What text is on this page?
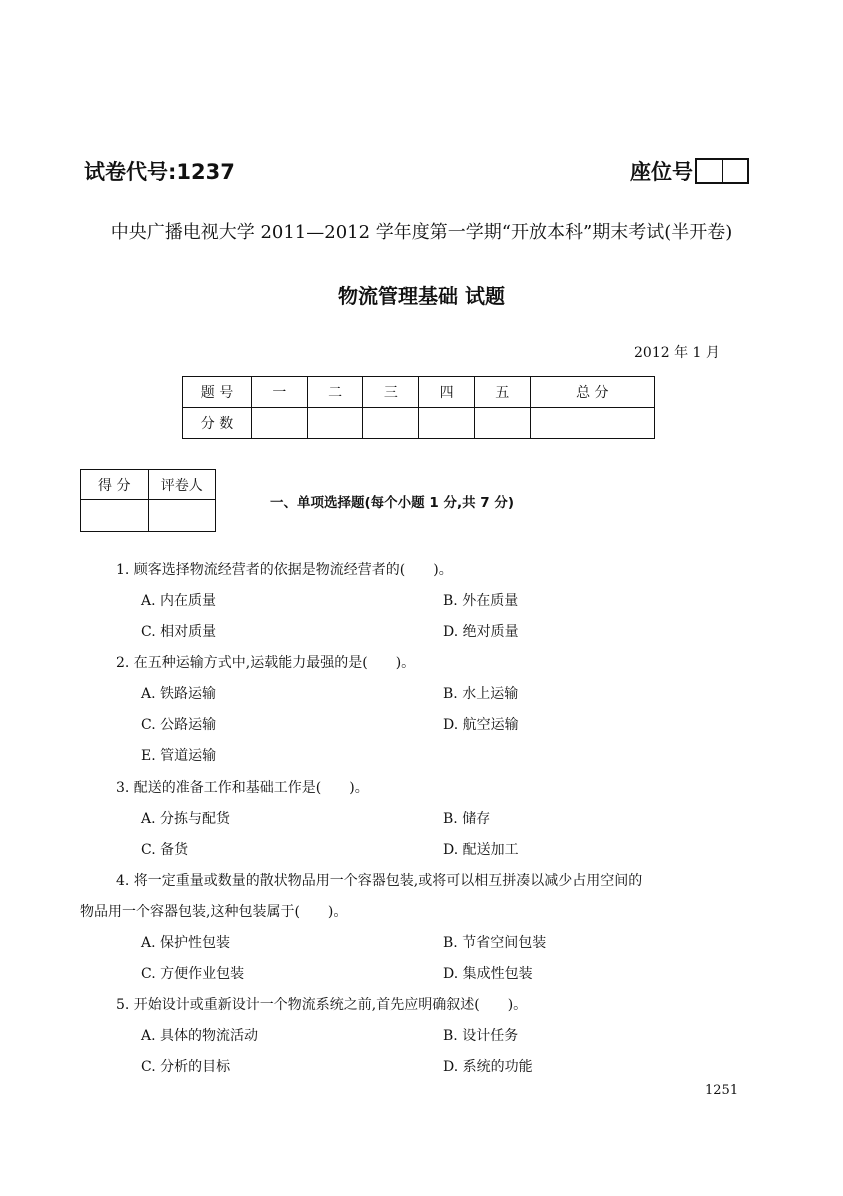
试卷代号:1237	座位号
中央广播电视大学 2011—2012 学年度第一学期“开放本科”期末考试(半开卷)
物流管理基础 试题
2012 年 1 月
题 号	一	二	三	四	五	总 分
分 数						
得 分	评卷人

一、单项选择题(每个小题 1 分,共 7 分)
1. 顾客选择物流经营者的依据是物流经营者的(　　)。
A. 内在质量	B. 外在质量
C. 相对质量	D. 绝对质量
2. 在五种运输方式中,运载能力最强的是(　　)。
A. 铁路运输	B. 水上运输
C. 公路运输	D. 航空运输
E. 管道运输
3. 配送的准备工作和基础工作是(　　)。
A. 分拣与配货	B. 储存
C. 备货	D. 配送加工
4. 将一定重量或数量的散状物品用一个容器包装,或将可以相互拼凑以减少占用空间的
物品用一个容器包装,这种包装属于(　　)。
A. 保护性包装	B. 节省空间包装
C. 方便作业包装	D. 集成性包装
5. 开始设计或重新设计一个物流系统之前,首先应明确叙述(　　)。
A. 具体的物流活动	B. 设计任务
C. 分析的目标	D. 系统的功能
1251
